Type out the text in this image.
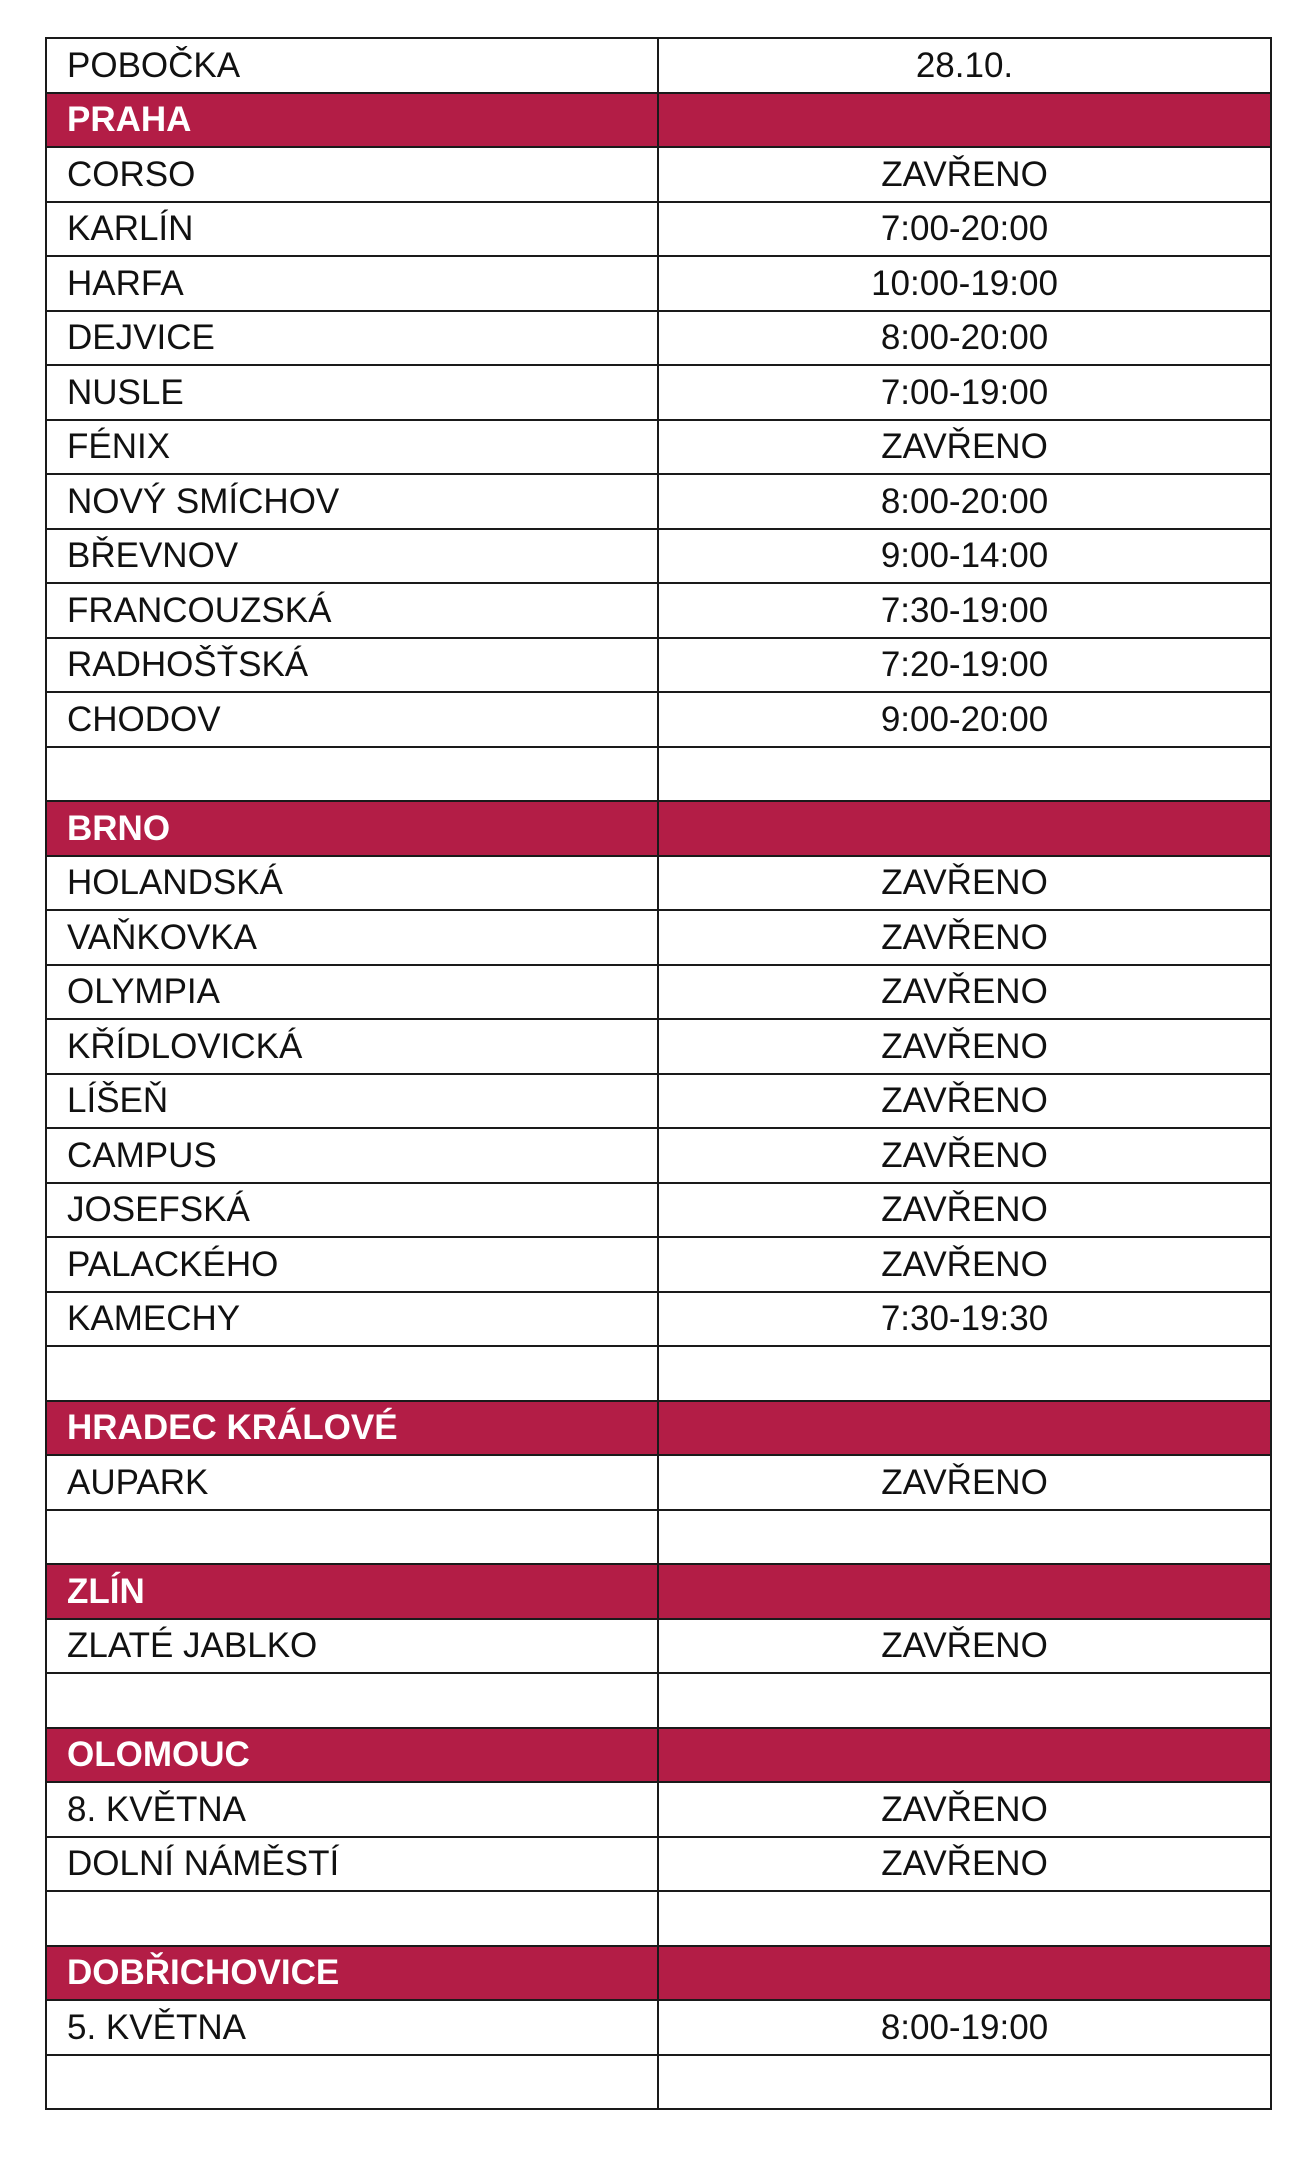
POBOČKA	28.10.
PRAHA	
CORSO	ZAVŘENO
KARLÍN	7:00-20:00
HARFA	10:00-19:00
DEJVICE	8:00-20:00
NUSLE	7:00-19:00
FÉNIX	ZAVŘENO
NOVÝ SMÍCHOV	8:00-20:00
BŘEVNOV	9:00-14:00
FRANCOUZSKÁ	7:30-19:00
RADHOŠŤSKÁ	7:20-19:00
CHODOV	9:00-20:00

BRNO	
HOLANDSKÁ	ZAVŘENO
VAŇKOVKA	ZAVŘENO
OLYMPIA	ZAVŘENO
KŘÍDLOVICKÁ	ZAVŘENO
LÍŠEŇ	ZAVŘENO
CAMPUS	ZAVŘENO
JOSEFSKÁ	ZAVŘENO
PALACKÉHO	ZAVŘENO
KAMECHY	7:30-19:30

HRADEC KRÁLOVÉ	
AUPARK	ZAVŘENO

ZLÍN	
ZLATÉ JABLKO	ZAVŘENO

OLOMOUC	
8. KVĚTNA	ZAVŘENO
DOLNÍ NÁMĚSTÍ	ZAVŘENO

DOBŘICHOVICE	
5. KVĚTNA	8:00-19:00
